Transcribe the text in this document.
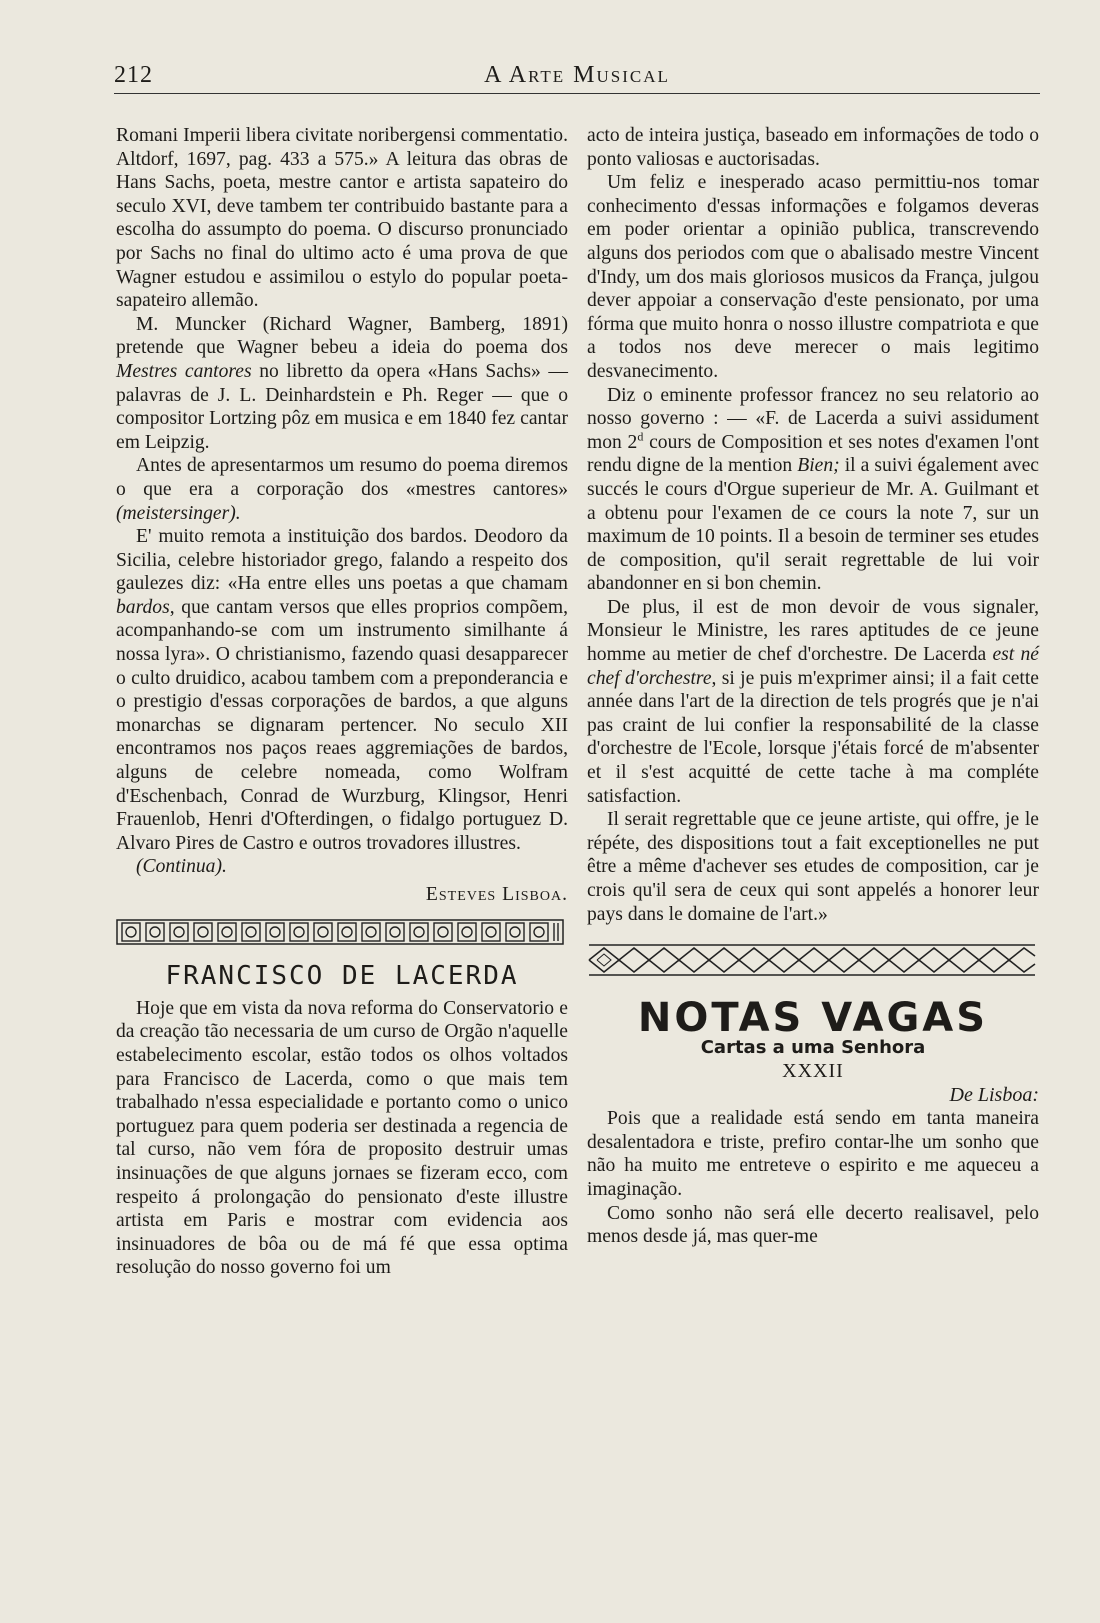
212	A Arte Musical

Romani Imperii libera civitate noribergensi commentatio. Altdorf, 1697, pag. 433 a 575.» A leitura das obras de Hans Sachs, poeta, mestre cantor e artista sapateiro do seculo XVI, deve tambem ter contribuido bastante para a escolha do assumpto do poema. O discurso pronunciado por Sachs no final do ultimo acto é uma prova de que Wagner estudou e assimilou o estylo do popular poeta-sapateiro allemão.

M. Muncker (Richard Wagner, Bamberg, 1891) pretende que Wagner bebeu a ideia do poema dos Mestres cantores no libretto da opera «Hans Sachs» — palavras de J. L. Deinhardstein e Ph. Reger — que o compositor Lortzing pôz em musica e em 1840 fez cantar em Leipzig.

Antes de apresentarmos um resumo do poema diremos o que era a corporação dos «mestres cantores» (meistersinger).

E' muito remota a instituição dos bardos. Deodoro da Sicilia, celebre historiador grego, falando a respeito dos gaulezes diz: «Ha entre elles uns poetas a que chamam bardos, que cantam versos que elles proprios compõem, acompanhando-se com um instrumento similhante á nossa lyra». O christianismo, fazendo quasi desapparecer o culto druidico, acabou tambem com a preponderancia e o prestigio d'essas corporações de bardos, a que alguns monarchas se dignaram pertencer. No seculo XII encontramos nos paços reaes aggremiações de bardos, alguns de celebre nomeada, como Wolfram d'Eschenbach, Conrad de Wurzburg, Klingsor, Henri Frauenlob, Henri d'Ofterdingen, o fidalgo portuguez D. Alvaro Pires de Castro e outros trovadores illustres.

(Continua).

Esteves Lisboa.

FRANCISCO DE LACERDA

Hoje que em vista da nova reforma do Conservatorio e da creação tão necessaria de um curso de Orgão n'aquelle estabelecimento escolar, estão todos os olhos voltados para Francisco de Lacerda, como o que mais tem trabalhado n'essa especialidade e portanto como o unico portuguez para quem poderia ser destinada a regencia de tal curso, não vem fóra de proposito destruir umas insinuações de que alguns jornaes se fizeram ecco, com respeito á prolongação do pensionato d'este illustre artista em Paris e mostrar com evidencia aos insinuadores de bôa ou de má fé que essa optima resolução do nosso governo foi um

acto de inteira justiça, baseado em informações de todo o ponto valiosas e auctorisadas.

Um feliz e inesperado acaso permittiu-nos tomar conhecimento d'essas informações e folgamos deveras em poder orientar a opinião publica, transcrevendo alguns dos periodos com que o abalisado mestre Vincent d'Indy, um dos mais gloriosos musicos da França, julgou dever appoiar a conservação d'este pensionato, por uma fórma que muito honra o nosso illustre compatriota e que a todos nos deve merecer o mais legitimo desvanecimento.

Diz o eminente professor francez no seu relatorio ao nosso governo : — «F. de Lacerda a suivi assidument mon 2$^d$ cours de Composition et ses notes d'examen l'ont rendu digne de la mention Bien; il a suivi également avec succés le cours d'Orgue superieur de Mr. A. Guilmant et a obtenu pour l'examen de ce cours la note 7, sur un maximum de 10 points. Il a besoin de terminer ses etudes de composition, qu'il serait regrettable de lui voir abandonner en si bon chemin.

De plus, il est de mon devoir de vous signaler, Monsieur le Ministre, les rares aptitudes de ce jeune homme au metier de chef d'orchestre. De Lacerda est né chef d'orchestre, si je puis m'exprimer ainsi; il a fait cette année dans l'art de la direction de tels progrés que je n'ai pas craint de lui confier la responsabilité de la classe d'orchestre de l'Ecole, lorsque j'étais forcé de m'absenter et il s'est acquitté de cette tache à ma compléte satisfaction.

Il serait regrettable que ce jeune artiste, qui offre, je le répéte, des dispositions tout a fait exceptionelles ne put être a même d'achever ses etudes de composition, car je crois qu'il sera de ceux qui sont appelés a honorer leur pays dans le domaine de l'art.»

NOTAS VAGAS

Cartas a uma Senhora

XXXII

De Lisboa:

Pois que a realidade está sendo em tanta maneira desalentadora e triste, prefiro contar-lhe um sonho que não ha muito me entreteve o espirito e me aqueceu a imaginação.

Como sonho não será elle decerto realisavel, pelo menos desde já, mas quer-me
